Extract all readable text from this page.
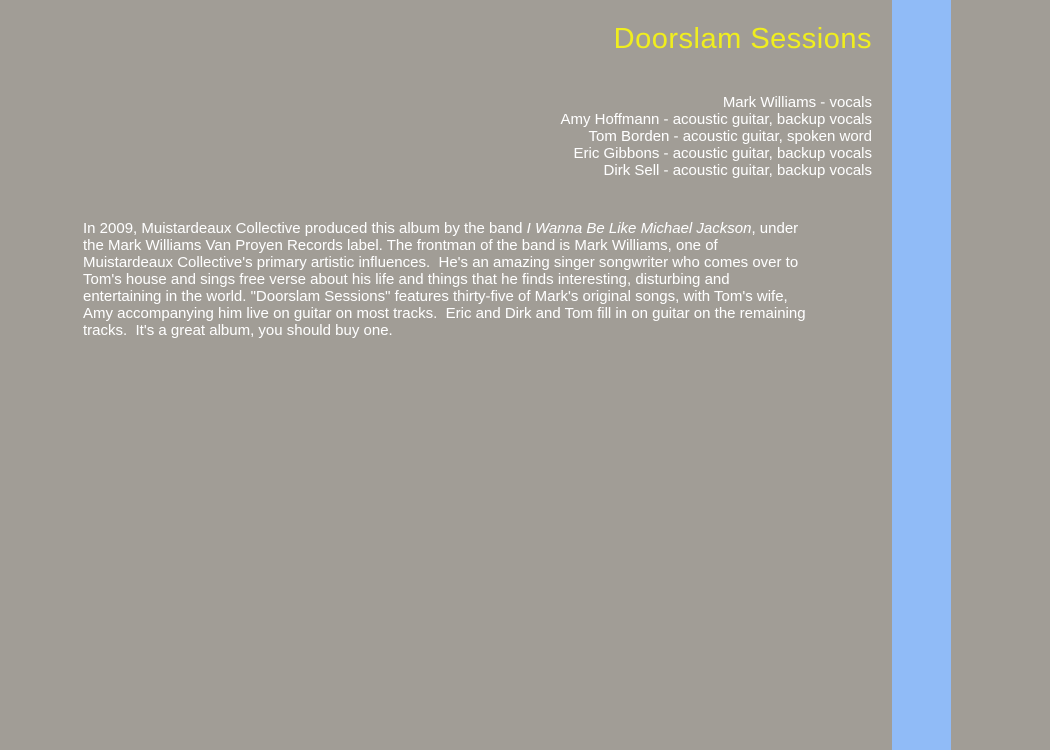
Doorslam Sessions
Mark Williams - vocals
Amy Hoffmann - acoustic guitar, backup vocals
Tom Borden - acoustic guitar, spoken word
Eric Gibbons - acoustic guitar, backup vocals
Dirk Sell - acoustic guitar, backup vocals

In 2009, Muistardeaux Collective produced this album by the band I Wanna Be Like Michael Jackson, under the Mark Williams Van Proyen Records label. The frontman of the band is Mark Williams, one of Muistardeaux Collective's primary artistic influences.  He's an amazing singer songwriter who comes over to Tom's house and sings free verse about his life and things that he finds interesting, disturbing and entertaining in the world. "Doorslam Sessions" features thirty-five of Mark's original songs, with Tom's wife, Amy accompanying him live on guitar on most tracks.  Eric and Dirk and Tom fill in on guitar on the remaining tracks.  It's a great album, you should buy one.
